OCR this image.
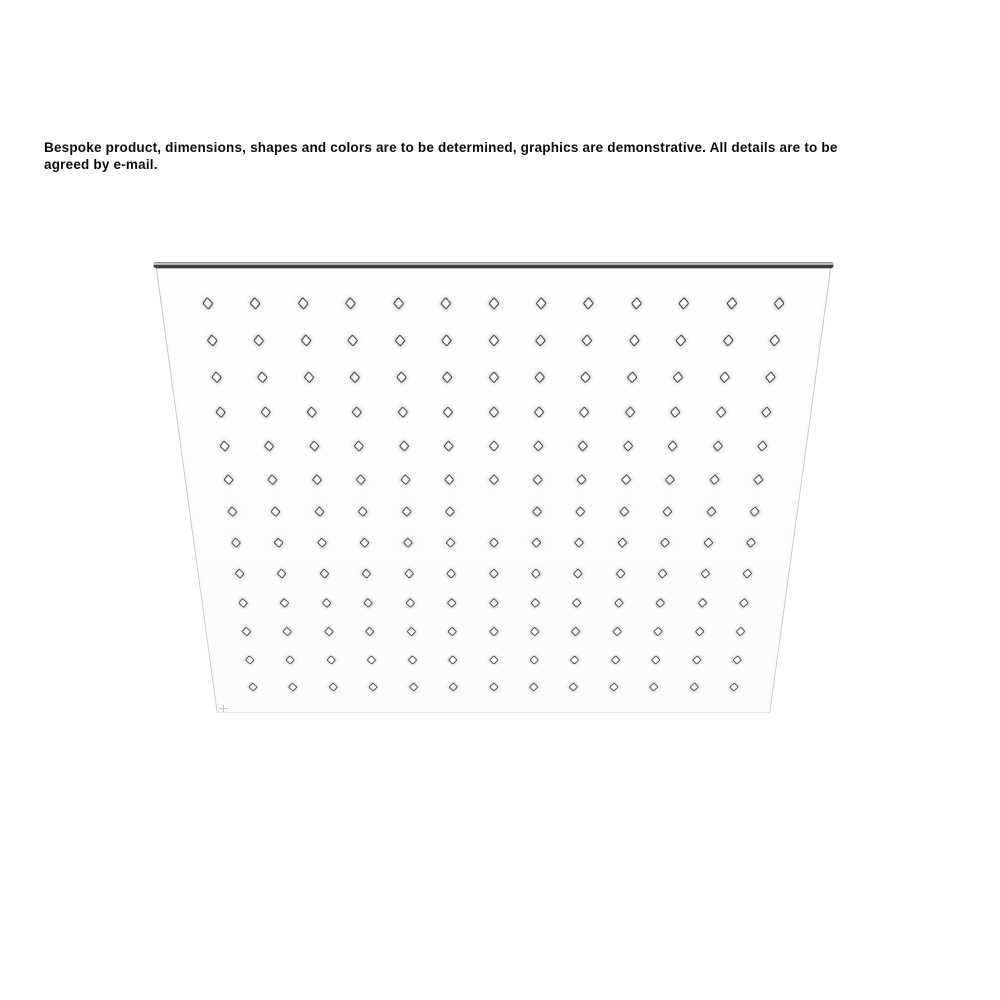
Bespoke product, dimensions, shapes and colors are to be determined, graphics are demonstrative. All details are to be
agreed by e-mail.
